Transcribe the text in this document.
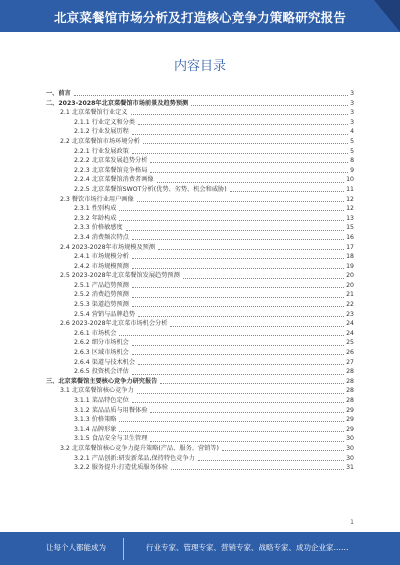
北京菜餐馆市场分析及打造核心竞争力策略研究报告
内容目录
一、前言	3
二、2023-2028年北京菜餐馆市场前景及趋势预测	3
2.1 北京菜餐馆行业定义	3
2.1.1 行业定义和分类	3
2.1.2 行业发展历程	4
2.2 北京菜餐馆市场环境分析	5
2.2.1 行业发展政策	5
2.2.2 北京菜发展趋势分析	8
2.2.3 北京菜餐馆竞争格局	9
2.2.4 北京菜餐馆消费者画像	10
2.2.5 北京菜餐馆SWOT分析(优势、劣势、机会和威胁)	11
2.3 餐饮市场行业用户画像	12
2.3.1 性别构成	12
2.3.2 年龄构成	13
2.3.3 价格敏感度	15
2.3.4 消费频次特点	16
2.4 2023-2028年市场规模及预测	17
2.4.1 市场规模分析	18
2.4.2 市场规模预测	19
2.5 2023-2028年北京菜餐馆发展趋势预测	20
2.5.1 产品趋势预测	20
2.5.2 消费趋势预测	21
2.5.3 渠道趋势预测	22
2.5.4 营销与品牌趋势	23
2.6 2023-2028年北京菜市场机会分析	24
2.6.1 市场机会	24
2.6.2 细分市场机会	25
2.6.3 区域市场机会	26
2.6.4 渠道与技术机会	27
2.6.5 投资机会评估	28
三、北京菜餐馆主要核心竞争力研究报告	28
3.1 北京菜餐馆核心竞争力	28
3.1.1 菜品特色定位	28
3.1.2 菜品品质与用餐体验	29
3.1.3 价格策略	29
3.1.4 品牌形象	29
3.1.5 食品安全与卫生管理	30
3.2 北京菜餐馆核心竞争力提升策略(产品、服务、营销等)	30
3.2.1 产品创新:研发新菜品,保持特色竞争力	30
3.2.2 服务提升:打造优质服务体验	31
1
让每个人都能成为	行业专家、管理专家、营销专家、战略专家、成功企业家……
